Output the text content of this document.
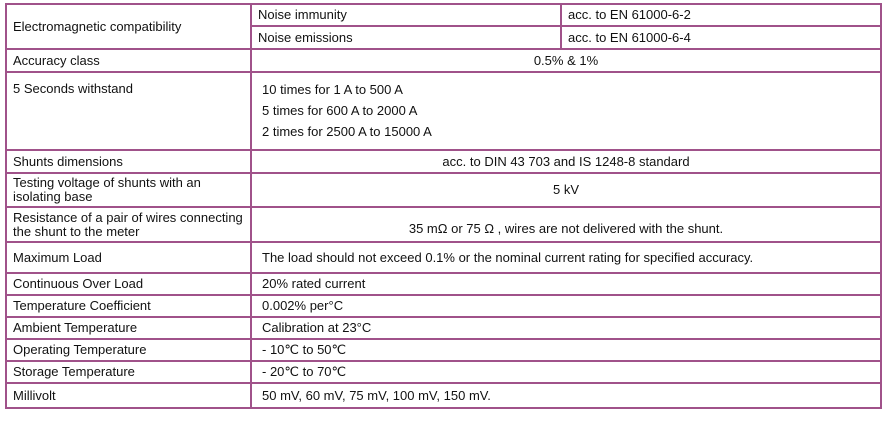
Electromagnetic compatibility	Noise immunity	acc. to EN 61000-6-2
	Noise emissions	acc. to EN 61000-6-4
Accuracy class	0.5% & 1%	
5 Seconds withstand	10 times for 1 A to 500 A
5 times for 600 A to 2000 A
2 times for 2500 A to 15000 A	

Shunts dimensions	acc. to DIN 43 703 and IS 1248-8 standard	

Testing voltage of shunts with an isolating base	5 kV	

Resistance of a pair of wires connecting the shunt to the meter	35 mΩ or 75 Ω , wires are not delivered with the shunt.	
Maximum Load	The load should not exceed 0.1% or the nominal current rating for specified accuracy.	
Continuous Over Load	20% rated current	
Temperature Coefficient	0.002% per°C	
Ambient Temperature	Calibration at 23°C	
Operating Temperature	- 10℃ to 50℃	
Storage Temperature	- 20℃ to 70℃	
Millivolt	50 mV, 60 mV, 75 mV, 100 mV, 150 mV.	
